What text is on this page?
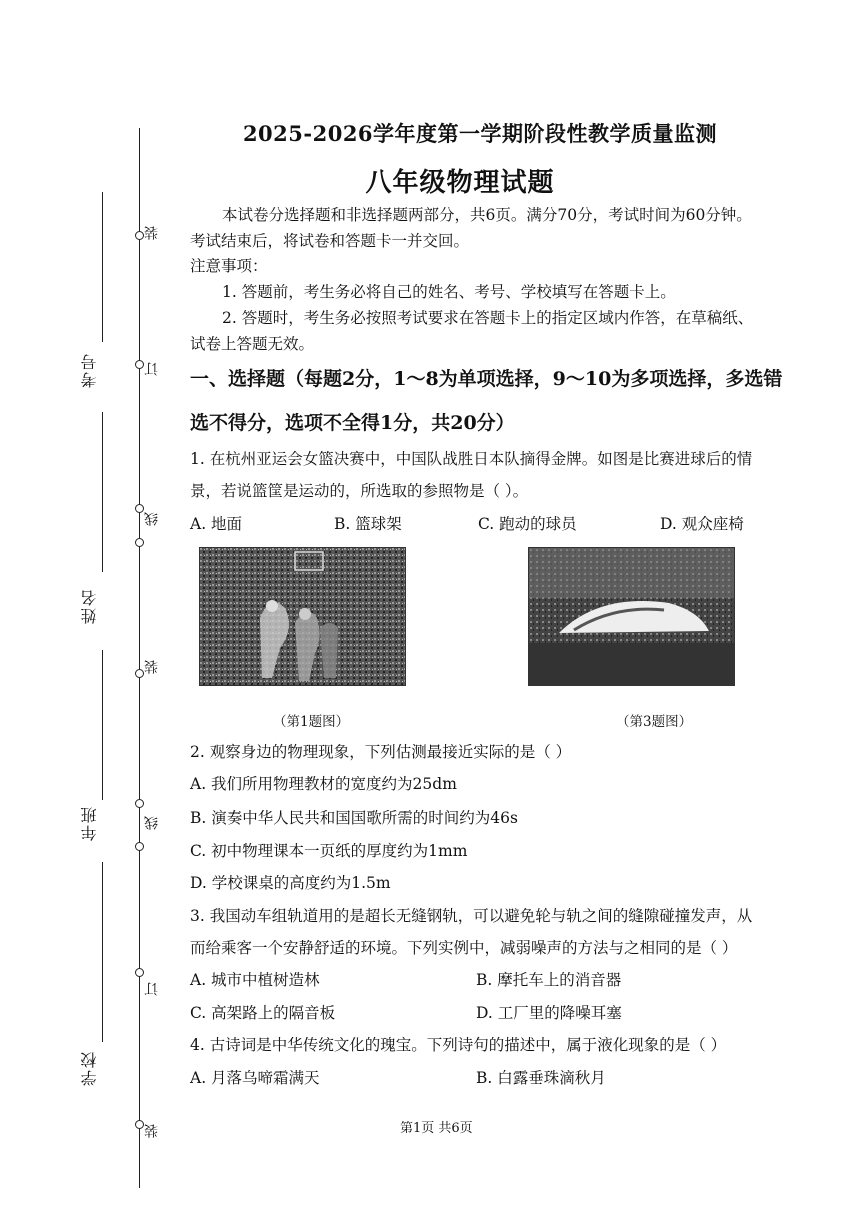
装
订
线
装
线
订
装
考号
姓名
年班
学校
2025-2026学年度第一学期阶段性教学质量监测
八年级物理试题
本试卷分选择题和非选择题两部分，共6页。满分70分，考试时间为60分钟。
考试结束后，将试卷和答题卡一并交回。
注意事项：
1. 答题前，考生务必将自己的姓名、考号、学校填写在答题卡上。
2. 答题时，考生务必按照考试要求在答题卡上的指定区域内作答，在草稿纸、
试卷上答题无效。
一、选择题（每题2分，1～8为单项选择，9～10为多项选择，多选错
选不得分，选项不全得1分，共20分）
1. 在杭州亚运会女篮决赛中，中国队战胜日本队摘得金牌。如图是比赛进球后的情
景，若说篮筐是运动的，所选取的参照物是（ ）。
A. 地面	B. 篮球架	C. 跑动的球员	D. 观众座椅
（第1题图）	（第3题图）
2. 观察身边的物理现象，下列估测最接近实际的是（ ）
A. 我们所用物理教材的宽度约为25dm
B. 演奏中华人民共和国国歌所需的时间约为46s
C. 初中物理课本一页纸的厚度约为1mm
D. 学校课桌的高度约为1.5m
3. 我国动车组轨道用的是超长无缝钢轨，可以避免轮与轨之间的缝隙碰撞发声，从
而给乘客一个安静舒适的环境。下列实例中，减弱噪声的方法与之相同的是（ ）
A. 城市中植树造林	B. 摩托车上的消音器
C. 高架路上的隔音板	D. 工厂里的降噪耳塞
4. 古诗词是中华传统文化的瑰宝。下列诗句的描述中，属于液化现象的是（ ）
A. 月落乌啼霜满天	B. 白露垂珠滴秋月
第1页 共6页
